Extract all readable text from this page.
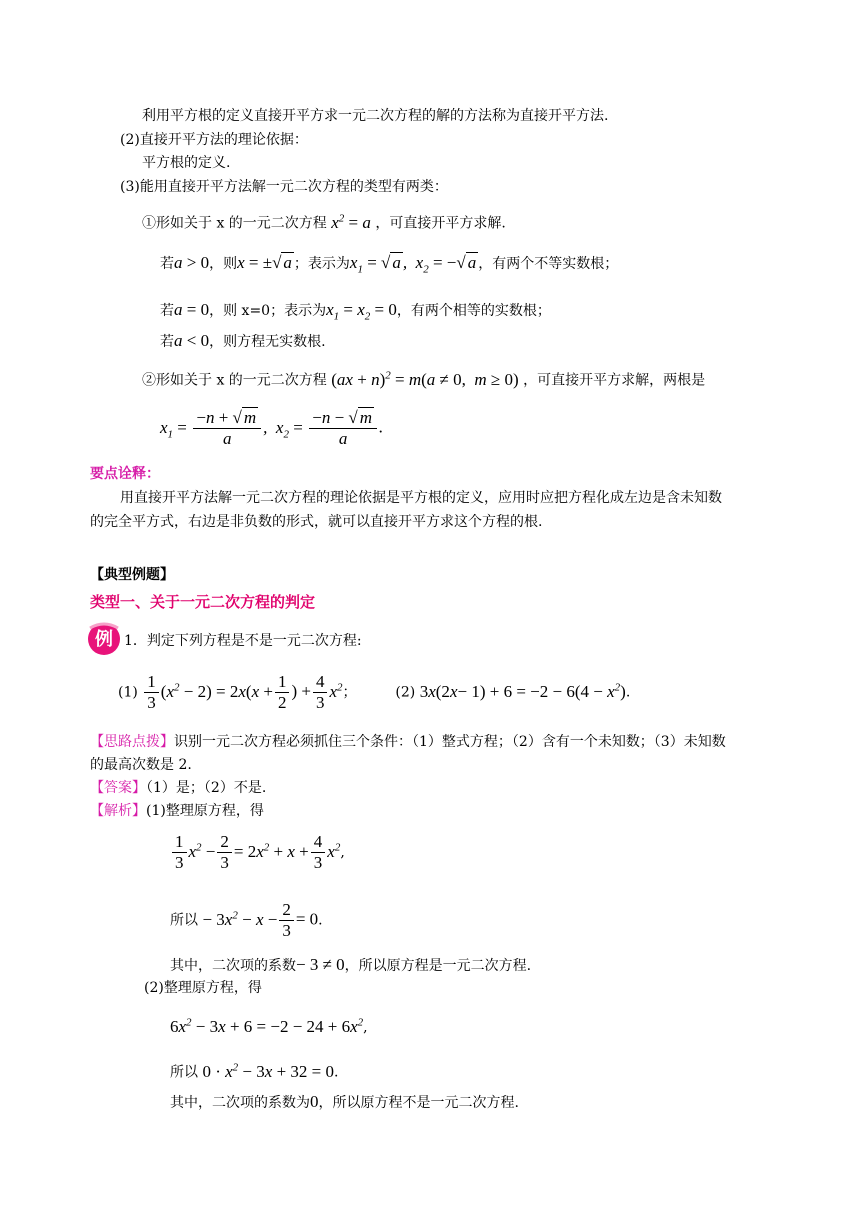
利用平方根的定义直接开平方求一元二次方程的解的方法称为直接开平方法.
(2)直接开平方法的理论依据：
平方根的定义.
(3)能用直接开平方法解一元二次方程的类型有两类：
①形如关于 x 的一元二次方程 $x^2 = a$ ，可直接开平方求解.
若a > 0，则x = ±√ a ；表示为$x_1$ = √ a ,  $x_2$ = −√ a ，有两个不等实数根；
若a = 0，则 x=0；表示为$x_1 = x_2 = 0$，有两个相等的实数根；
若a < 0，则方程无实数根.
②形如关于 x 的一元二次方程 (ax + n)$^2$ = m(a ≠ 0,  m ≥ 0) ，可直接开平方求解，两根是
$x_1 = \frac{-n + √ m}{a}$ ,  $x_2 = \frac{-n - √ m}{a}$ .
要点诠释：
用直接开平方法解一元二次方程的理论依据是平方根的定义，应用时应把方程化成左边是含未知数
的完全平方式，右边是非负数的形式，就可以直接开平方求这个方程的根.
【典型例题】
类型一、关于一元二次方程的判定
例 1．判定下列方程是不是一元二次方程:
$(1) \frac{1}{3} (x^2 - 2) = 2x(x + \frac{1}{2}$ ) + $\frac{4}{3} x^2$；	(2) $3x(2x- 1) + 6 = -2 - 6(4 - x^2)$.
【思路点拨】识别一元二次方程必须抓住三个条件：（1）整式方程；（2）含有一个未知数；（3）未知数
的最高次数是 2.
【答案】（1）是；（2）不是.
【解析】(1)整理原方程，得
$\frac{1}{3} x^2 - \frac{2}{3} = 2x^2 + x + \frac{4}{3} x^2$,
所以 − $3x^2 - x - \frac{2}{3} = 0$.
其中，二次项的系数− 3 ≠ 0，所以原方程是一元二次方程.
(2)整理原方程，得
$6x^2 - 3x + 6 = -2 - 24 + 6x^2$,
所以 $0 \cdot x^2 - 3x + 32 = 0$.
其中，二次项的系数为0，所以原方程不是一元二次方程.
